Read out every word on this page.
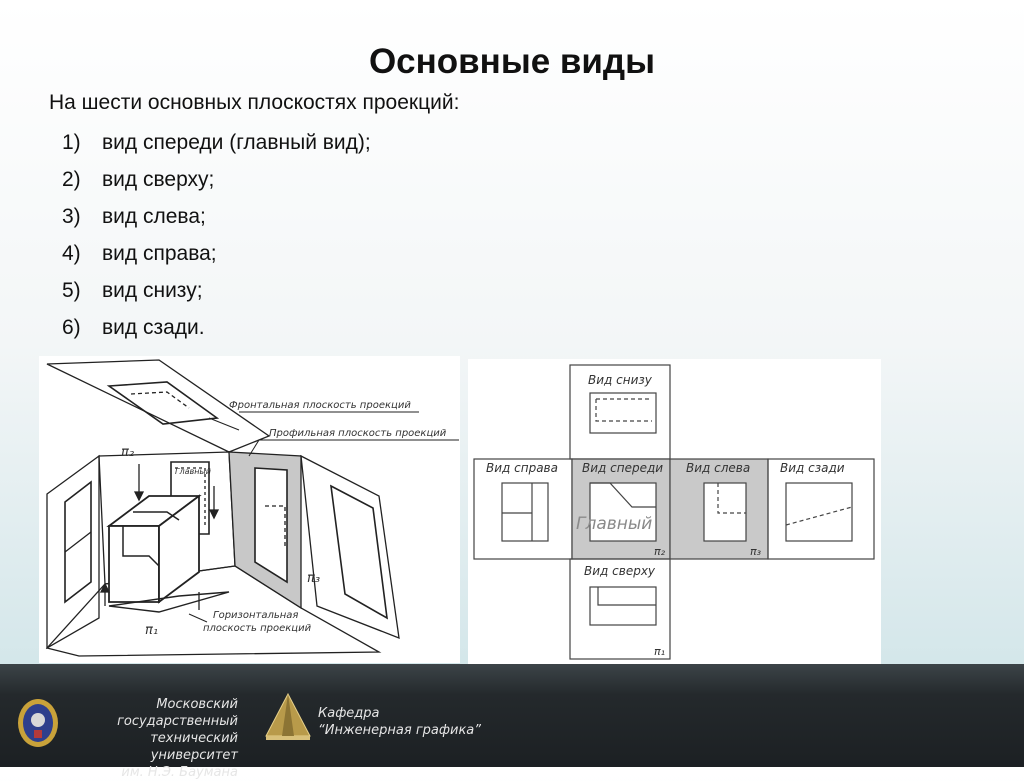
Основные виды
На шести основных плоскостях проекций:
1) вид спереди (главный вид);
2) вид сверху;
3) вид слева;
4) вид справа;
5) вид снизу;
6) вид сзади.
Фронтальная плоскость проекций
Профильная плоскость проекций
Горизонтальная
плоскость проекций
Главный
π₂
π₃
π₁
Вид снизу
Вид справа Вид спереди Вид слева Вид сзади
Вид сверху
Главный
π₂	π₃
π₁
Московский государственный
технический университет
им. Н.Э. Баумана
Кафедра
“Инженерная графика”
